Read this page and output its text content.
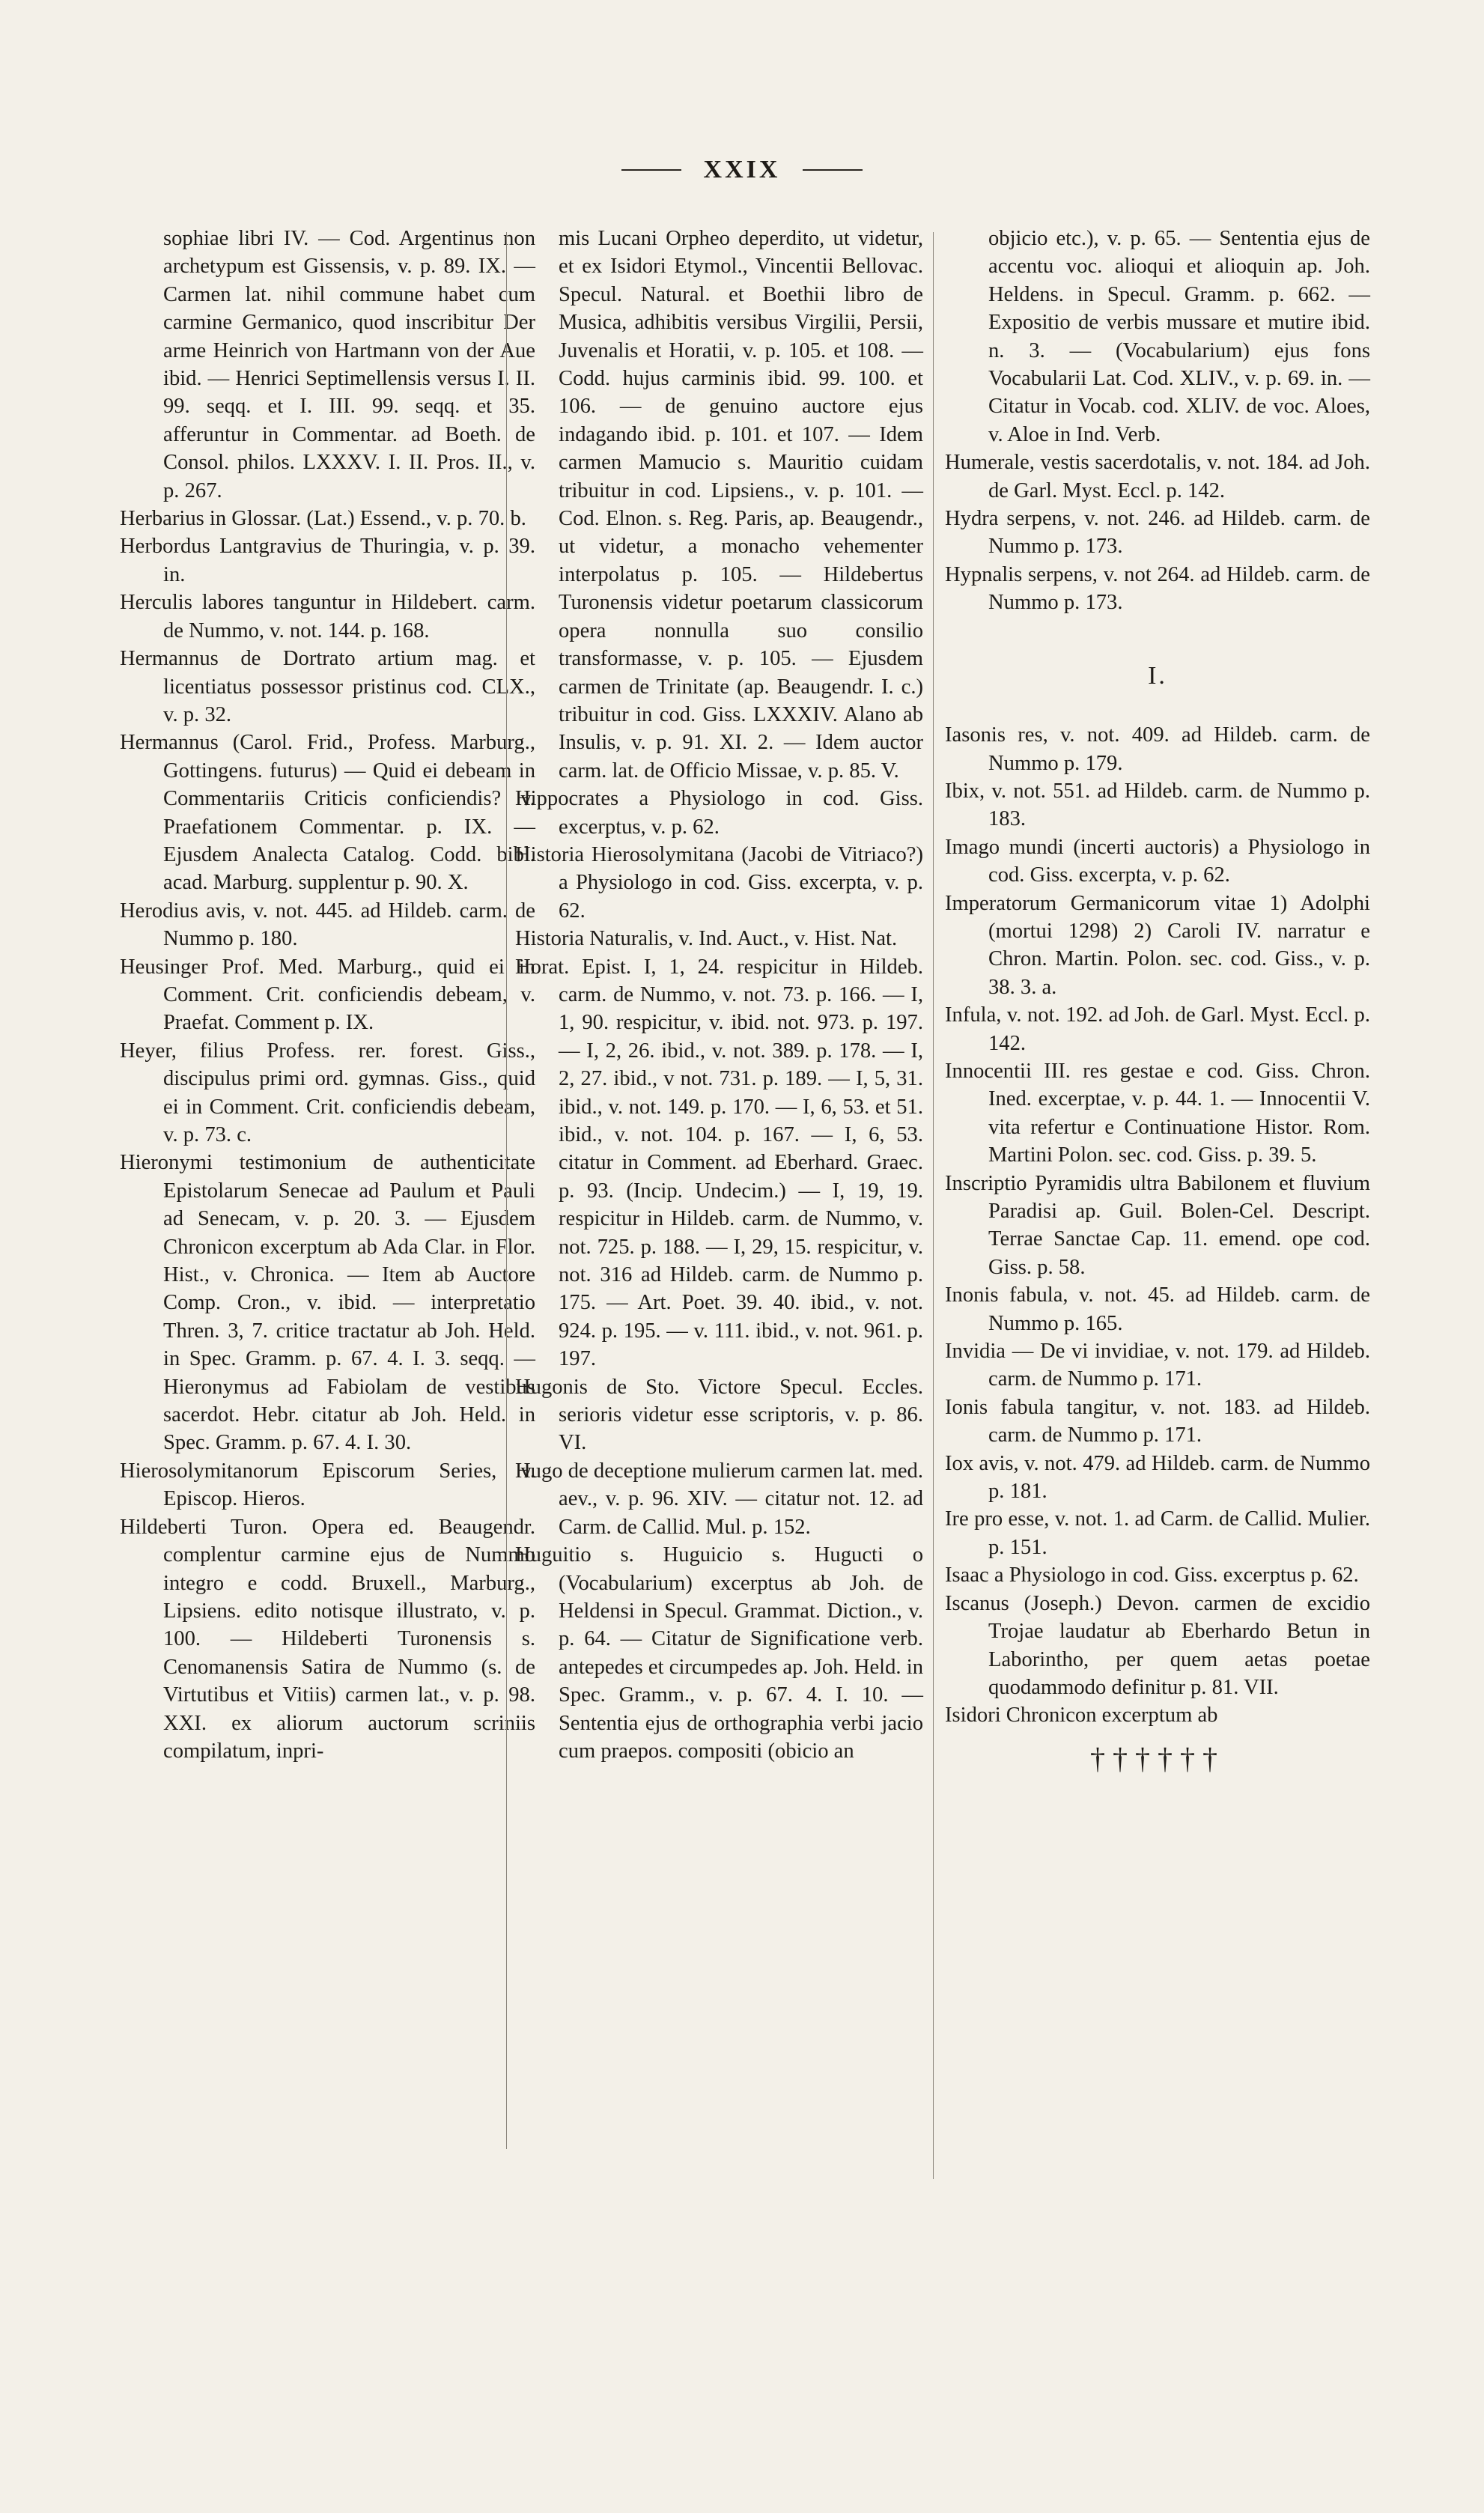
XXIX

sophiae libri IV. — Cod. Argentinus non archetypum est Gissensis, v. p. 89. IX. — Carmen lat. nihil commune habet cum carmine Germanico, quod inscribitur Der arme Heinrich von Hartmann von der Aue ibid. — Henrici Septimellensis versus I. II. 99. seqq. et I. III. 99. seqq. et 35. afferuntur in Commentar. ad Boeth. de Consol. philos. LXXXV. I. II. Pros. II., v. p. 267.

Herbarius in Glossar. (Lat.) Essend., v. p. 70. b.

Herbordus Lantgravius de Thuringia, v. p. 39. in.

Herculis labores tanguntur in Hildebert. carm. de Nummo, v. not. 144. p. 168.

Hermannus de Dortrato artium mag. et licentiatus possessor pristinus cod. CLX., v. p. 32.

Hermannus (Carol. Frid., Profess. Marburg., Gottingens. futurus) — Quid ei debeam in Commentariis Criticis conficiendis? v. Praefationem Commentar. p. IX. — Ejusdem Analecta Catalog. Codd. bibl. acad. Marburg. supplentur p. 90. X.

Herodius avis, v. not. 445. ad Hildeb. carm. de Nummo p. 180.

Heusinger Prof. Med. Marburg., quid ei in Comment. Crit. conficiendis debeam, v. Praefat. Comment p. IX.

Heyer, filius Profess. rer. forest. Giss., discipulus primi ord. gymnas. Giss., quid ei in Comment. Crit. conficiendis debeam, v. p. 73. c.

Hieronymi testimonium de authenticitate Epistolarum Senecae ad Paulum et Pauli ad Senecam, v. p. 20. 3. — Ejusdem Chronicon excerptum ab Ada Clar. in Flor. Hist., v. Chronica. — Item ab Auctore Comp. Cron., v. ibid. — interpretatio Thren. 3, 7. critice tractatur ab Joh. Held. in Spec. Gramm. p. 67. 4. I. 3. seqq. — Hieronymus ad Fabiolam de vestibus sacerdot. Hebr. citatur ab Joh. Held. in Spec. Gramm. p. 67. 4. I. 30.

Hierosolymitanorum Episcorum Series, v. Episcop. Hieros.

Hildeberti Turon. Opera ed. Beaugendr. complentur carmine ejus de Nummo integro e codd. Bruxell., Marburg., Lipsiens. edito notisque illustrato, v. p. 100. — Hildeberti Turonensis s. Cenomanensis Satira de Nummo (s. de Virtutibus et Vitiis) carmen lat., v. p. 98. XXI. ex aliorum auctorum scriniis compilatum, inpri-

mis Lucani Orpheo deperdito, ut videtur, et ex Isidori Etymol., Vincentii Bellovac. Specul. Natural. et Boethii libro de Musica, adhibitis versibus Virgilii, Persii, Juvenalis et Horatii, v. p. 105. et 108. — Codd. hujus carminis ibid. 99. 100. et 106. — de genuino auctore ejus indagando ibid. p. 101. et 107. — Idem carmen Mamucio s. Mauritio cuidam tribuitur in cod. Lipsiens., v. p. 101. — Cod. Elnon. s. Reg. Paris, ap. Beaugendr., ut videtur, a monacho vehementer interpolatus p. 105. — Hildebertus Turonensis videtur poetarum classicorum opera nonnulla suo consilio transformasse, v. p. 105. — Ejusdem carmen de Trinitate (ap. Beaugendr. I. c.) tribuitur in cod. Giss. LXXXIV. Alano ab Insulis, v. p. 91. XI. 2. — Idem auctor carm. lat. de Officio Missae, v. p. 85. V.

Hippocrates a Physiologo in cod. Giss. excerptus, v. p. 62.

Historia Hierosolymitana (Jacobi de Vitriaco?) a Physiologo in cod. Giss. excerpta, v. p. 62.

Historia Naturalis, v. Ind. Auct., v. Hist. Nat.

Horat. Epist. I, 1, 24. respicitur in Hildeb. carm. de Nummo, v. not. 73. p. 166. — I, 1, 90. respicitur, v. ibid. not. 973. p. 197. — I, 2, 26. ibid., v. not. 389. p. 178. — I, 2, 27. ibid., v not. 731. p. 189. — I, 5, 31. ibid., v. not. 149. p. 170. — I, 6, 53. et 51. ibid., v. not. 104. p. 167. — I, 6, 53. citatur in Comment. ad Eberhard. Graec. p. 93. (Incip. Undecim.) — I, 19, 19. respicitur in Hildeb. carm. de Nummo, v. not. 725. p. 188. — I, 29, 15. respicitur, v. not. 316 ad Hildeb. carm. de Nummo p. 175. — Art. Poet. 39. 40. ibid., v. not. 924. p. 195. — v. 111. ibid., v. not. 961. p. 197.

Hugonis de Sto. Victore Specul. Eccles. serioris videtur esse scriptoris, v. p. 86. VI.

Hugo de deceptione mulierum carmen lat. med. aev., v. p. 96. XIV. — citatur not. 12. ad Carm. de Callid. Mul. p. 152.

Huguitio s. Huguicio s. Hugucti o (Vocabularium) excerptus ab Joh. de Heldensi in Specul. Grammat. Diction., v. p. 64. — Citatur de Significatione verb. antepedes et circumpedes ap. Joh. Held. in Spec. Gramm., v. p. 67. 4. I. 10. — Sententia ejus de orthographia verbi jacio cum praepos. compositi (obicio an

objicio etc.), v. p. 65. — Sententia ejus de accentu voc. alioqui et alioquin ap. Joh. Heldens. in Specul. Gramm. p. 662. — Expositio de verbis mussare et mutire ibid. n. 3. — (Vocabularium) ejus fons Vocabularii Lat. Cod. XLIV., v. p. 69. in. — Citatur in Vocab. cod. XLIV. de voc. Aloes, v. Aloe in Ind. Verb.

Humerale, vestis sacerdotalis, v. not. 184. ad Joh. de Garl. Myst. Eccl. p. 142.

Hydra serpens, v. not. 246. ad Hildeb. carm. de Nummo p. 173.

Hypnalis serpens, v. not 264. ad Hildeb. carm. de Nummo p. 173.

I.

Iasonis res, v. not. 409. ad Hildeb. carm. de Nummo p. 179.

Ibix, v. not. 551. ad Hildeb. carm. de Nummo p. 183.

Imago mundi (incerti auctoris) a Physiologo in cod. Giss. excerpta, v. p. 62.

Imperatorum Germanicorum vitae 1) Adolphi (mortui 1298) 2) Caroli IV. narratur e Chron. Martin. Polon. sec. cod. Giss., v. p. 38. 3. a.

Infula, v. not. 192. ad Joh. de Garl. Myst. Eccl. p. 142.

Innocentii III. res gestae e cod. Giss. Chron. Ined. excerptae, v. p. 44. 1. — Innocentii V. vita refertur e Continuatione Histor. Rom. Martini Polon. sec. cod. Giss. p. 39. 5.

Inscriptio Pyramidis ultra Babilonem et fluvium Paradisi ap. Guil. Bolen-Cel. Descript. Terrae Sanctae Cap. 11. emend. ope cod. Giss. p. 58.

Inonis fabula, v. not. 45. ad Hildeb. carm. de Nummo p. 165.

Invidia — De vi invidiae, v. not. 179. ad Hildeb. carm. de Nummo p. 171.

Ionis fabula tangitur, v. not. 183. ad Hildeb. carm. de Nummo p. 171.

Iox avis, v. not. 479. ad Hildeb. carm. de Nummo p. 181.

Ire pro esse, v. not. 1. ad Carm. de Callid. Mulier. p. 151.

Isaac a Physiologo in cod. Giss. excerptus p. 62.

Iscanus (Joseph.) Devon. carmen de excidio Trojae laudatur ab Eberhardo Betun in Laborintho, per quem aetas poetae quodammodo definitur p. 81. VII.

Isidori Chronicon excerptum ab

††††††
